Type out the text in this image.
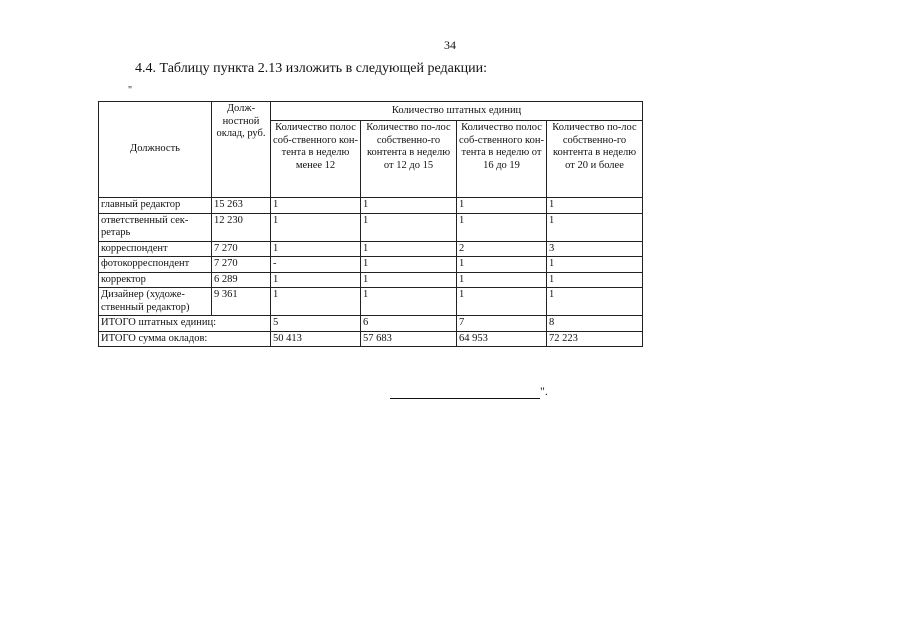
34
4.4. Таблицу пункта 2.13 изложить в следующей редакции:
"
Должность	Долж-ностной оклад, руб.	Количество штатных единиц			
		Количество полос соб-ственного кон-тента в неделю менее 12	Количество по-лос собственно-го контента в неделю от 12 до 15	Количество полос соб-ственного кон-тента в неделю от 16 до 19	Количество по-лос собственно-го контента в неделю от 20 и более
главный редактор	15 263	1	1	1	1
ответственный сек-ретарь	12 230	1	1	1	1
корреспондент	7 270	1	1	2	3
фотокорреспондент	7 270	-	1	1	1
корректор	6 289	1	1	1	1
Дизайнер (художе-ственный редактор)	9 361	1	1	1	1
ИТОГО штатных единиц:		5	6	7	8
ИТОГО сумма окладов:		50 413	57 683	64 953	72 223
".
